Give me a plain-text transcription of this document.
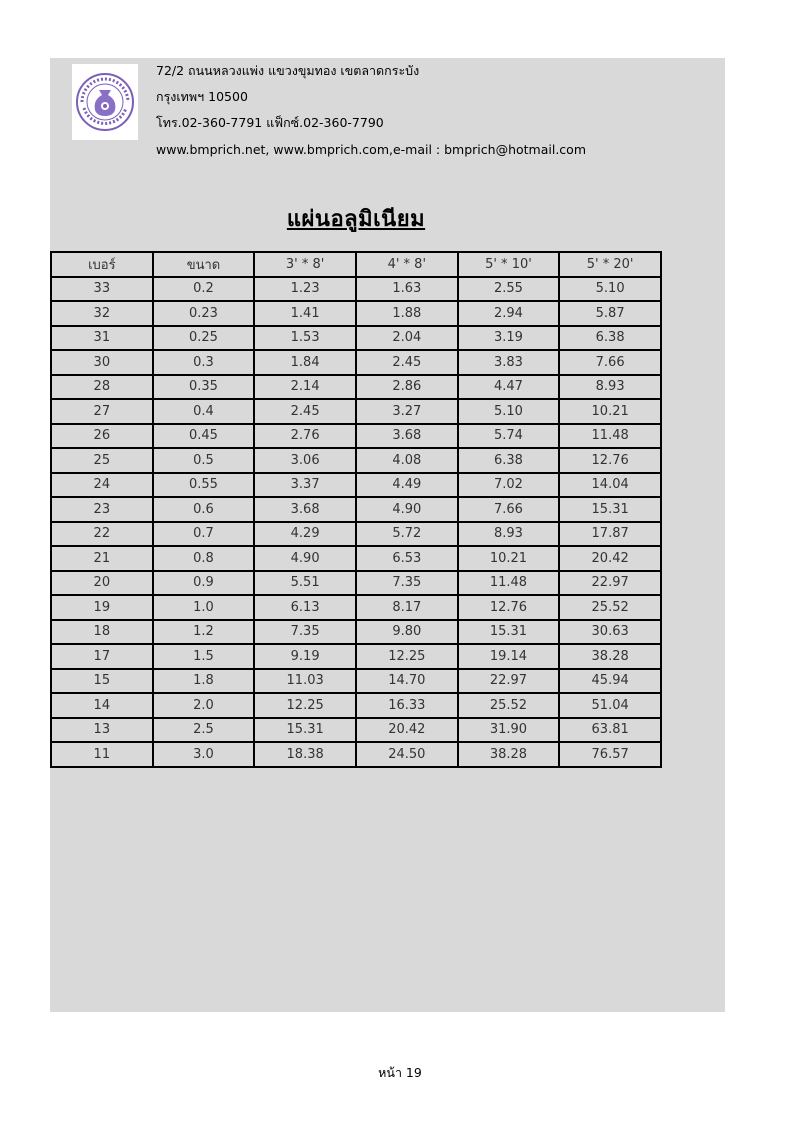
72/2 ถนนหลวงแพ่ง แขวงขุมทอง เขตลาดกระบัง
กรุงเทพฯ 10500
โทร.02-360-7791 แฟ็กซ์.02-360-7790
www.bmprich.net, www.bmprich.com,e-mail : bmprich@hotmail.com
แผ่นอลูมิเนียม
เบอร์	ขนาด	3' * 8'	4' * 8'	5' * 10'	5' * 20'
33	0.2	1.23	1.63	2.55	5.10
32	0.23	1.41	1.88	2.94	5.87
31	0.25	1.53	2.04	3.19	6.38
30	0.3	1.84	2.45	3.83	7.66
28	0.35	2.14	2.86	4.47	8.93
27	0.4	2.45	3.27	5.10	10.21
26	0.45	2.76	3.68	5.74	11.48
25	0.5	3.06	4.08	6.38	12.76
24	0.55	3.37	4.49	7.02	14.04
23	0.6	3.68	4.90	7.66	15.31
22	0.7	4.29	5.72	8.93	17.87
21	0.8	4.90	6.53	10.21	20.42
20	0.9	5.51	7.35	11.48	22.97
19	1.0	6.13	8.17	12.76	25.52
18	1.2	7.35	9.80	15.31	30.63
17	1.5	9.19	12.25	19.14	38.28
15	1.8	11.03	14.70	22.97	45.94
14	2.0	12.25	16.33	25.52	51.04
13	2.5	15.31	20.42	31.90	63.81
11	3.0	18.38	24.50	38.28	76.57
หน้า 19
